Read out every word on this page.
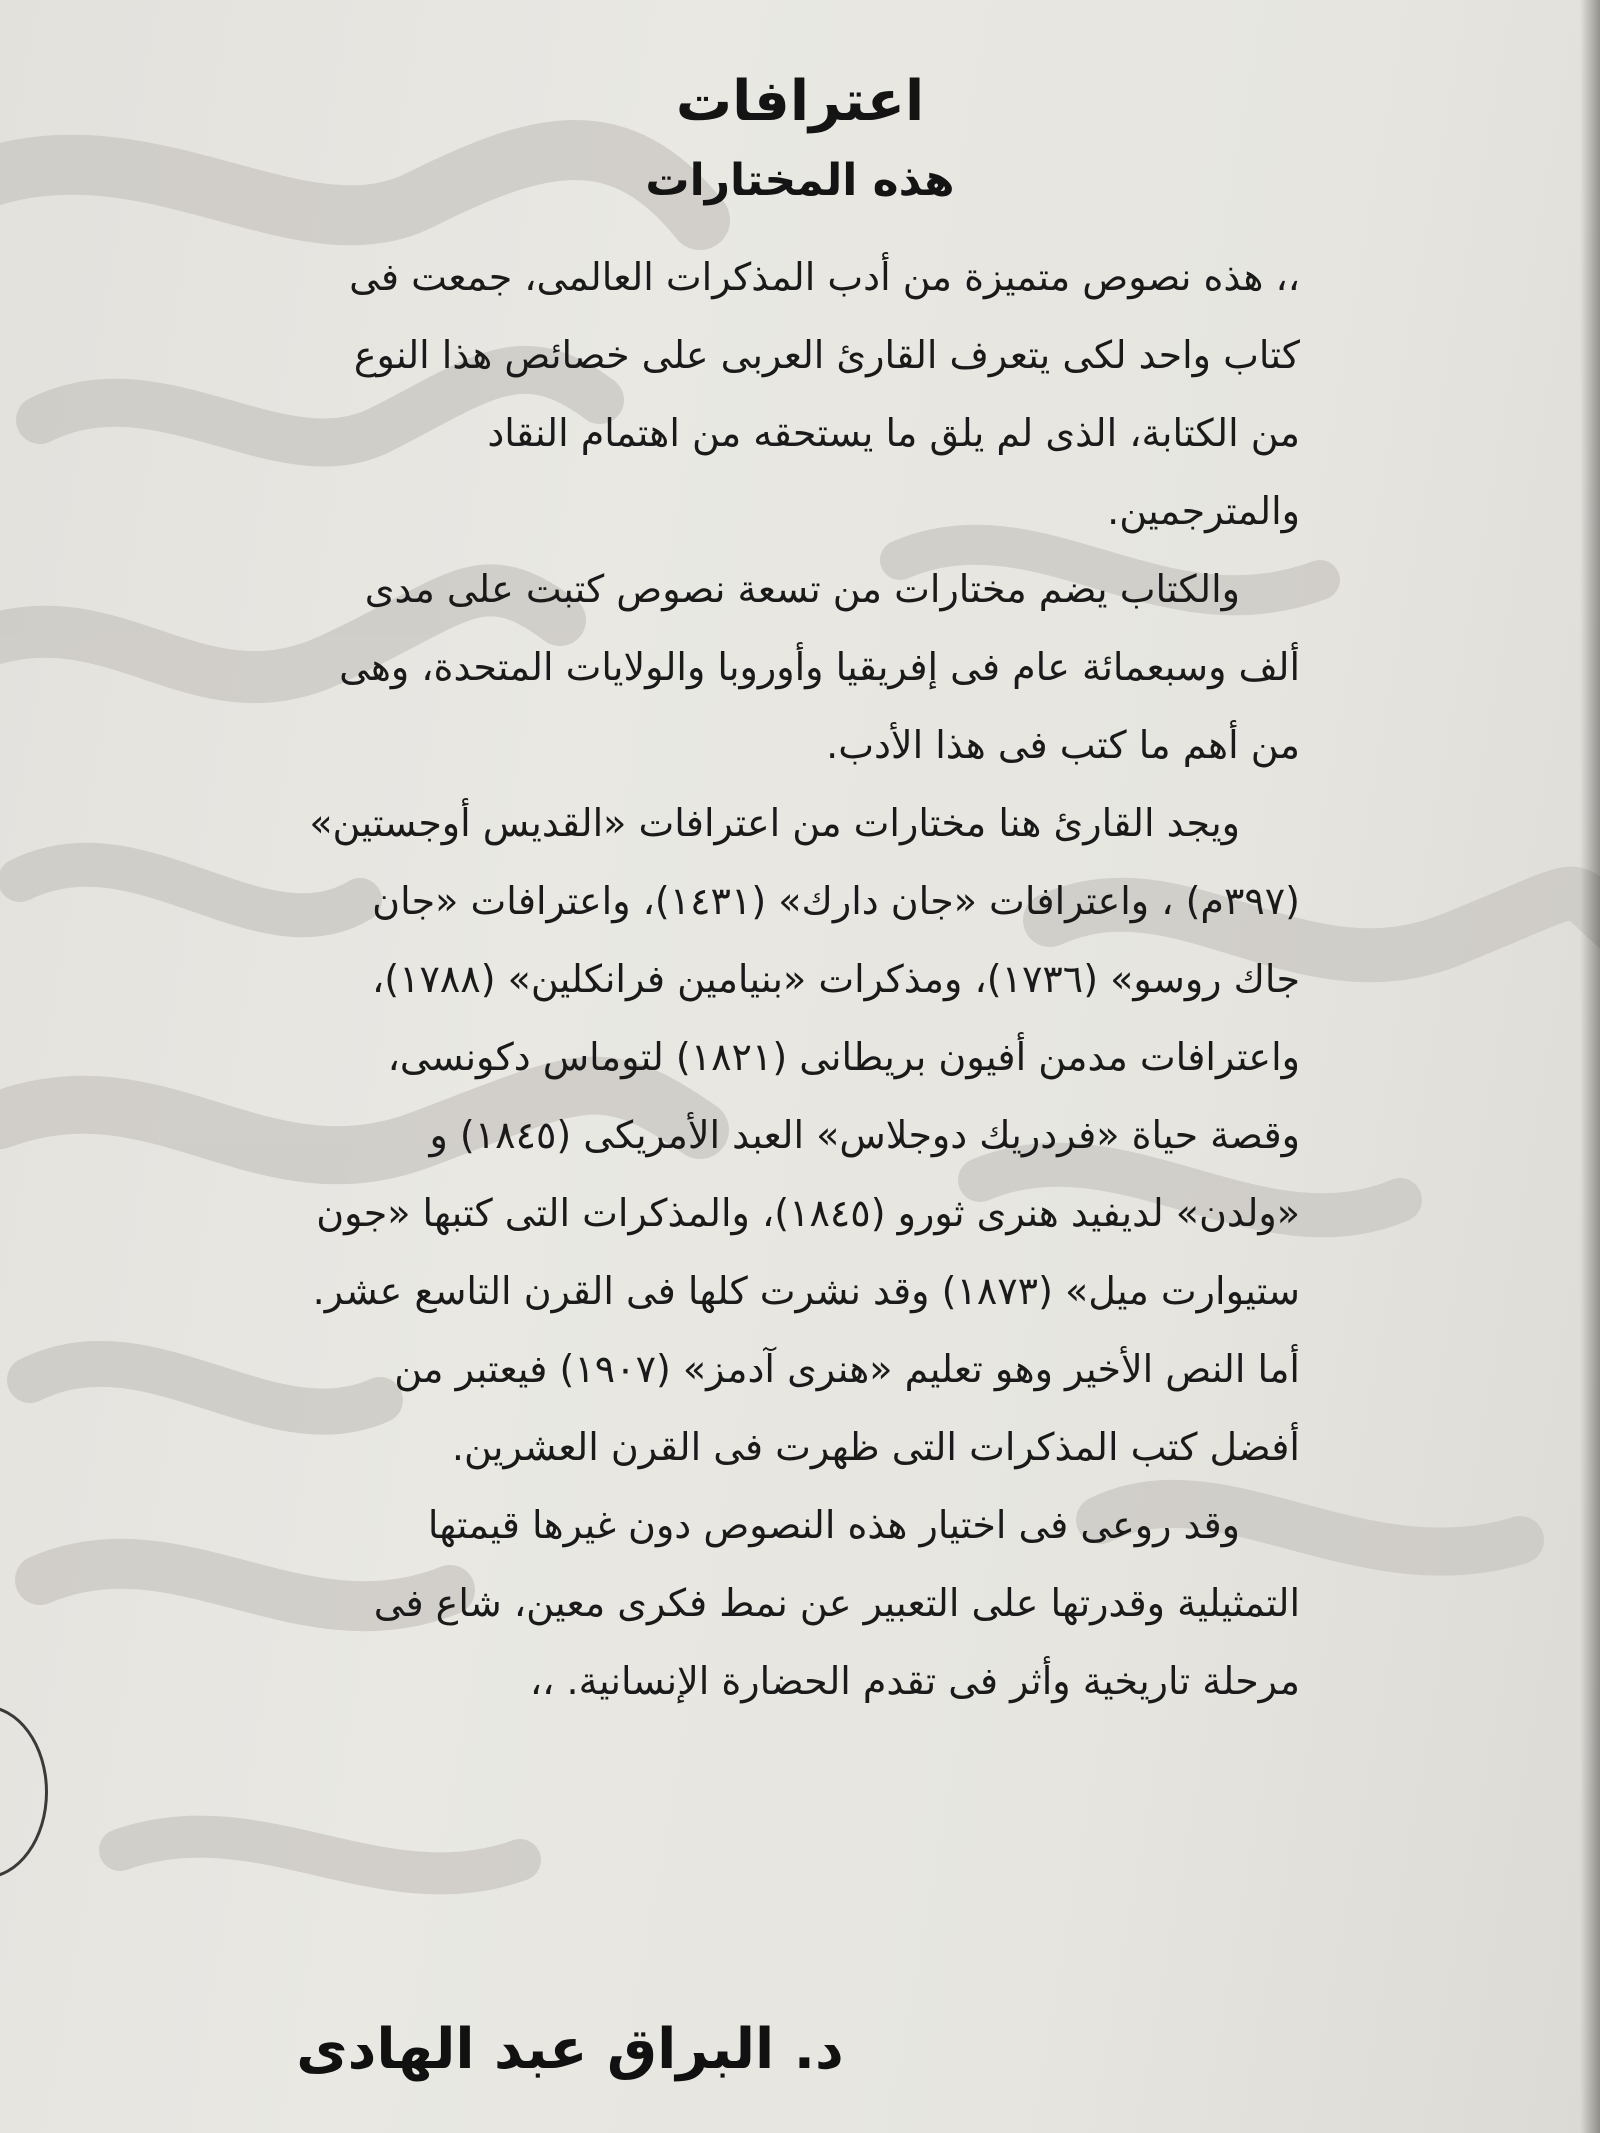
اعترافات
هذه المختارات

،، هذه نصوص متميزة من أدب المذكرات العالمى، جمعت فى كتاب واحد لكى يتعرف القارئ العربى على خصائص هذا النوع من الكتابة، الذى لم يلق ما يستحقه من اهتمام النقاد والمترجمين.

والكتاب يضم مختارات من تسعة نصوص كتبت على مدى ألف وسبعمائة عام فى إفريقيا وأوروبا والولايات المتحدة، وهى من أهم ما كتب فى هذا الأدب.

ويجد القارئ هنا مختارات من اعترافات «القديس أوجستين» (٣٩٧م) ، واعترافات «جان دارك» (١٤٣١)، واعترافات «جان جاك روسو» (١٧٣٦)، ومذكرات «بنيامين فرانكلين» (١٧٨٨)، واعترافات مدمن أفيون بريطانى (١٨٢١) لتوماس دكونسى، وقصة حياة «فردريك دوجلاس» العبد الأمريكى (١٨٤٥) و «ولدن» لديفيد هنرى ثورو (١٨٤٥)، والمذكرات التى كتبها «جون ستيوارت ميل» (١٨٧٣) وقد نشرت كلها فى القرن التاسع عشر. أما النص الأخير وهو تعليم «هنرى آدمز» (١٩٠٧) فيعتبر من أفضل كتب المذكرات التى ظهرت فى القرن العشرين.

وقد روعى فى اختيار هذه النصوص دون غيرها قيمتها التمثيلية وقدرتها على التعبير عن نمط فكرى معين، شاع فى مرحلة تاريخية وأثر فى تقدم الحضارة الإنسانية. ،،

د. البراق عبد الهادى
